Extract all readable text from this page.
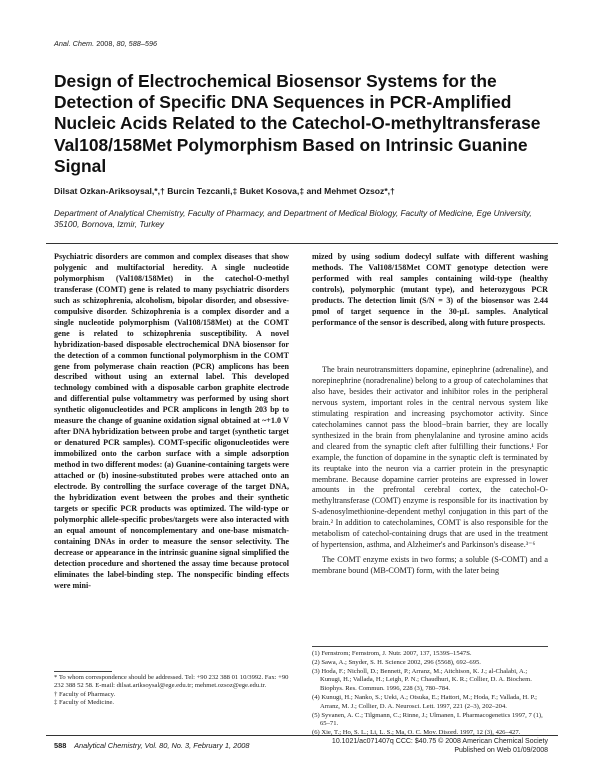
Anal. Chem. 2008, 80, 588–596
Design of Electrochemical Biosensor Systems for the Detection of Specific DNA Sequences in PCR-Amplified Nucleic Acids Related to the Catechol-O-methyltransferase Val108/158Met Polymorphism Based on Intrinsic Guanine Signal
Dilsat Ozkan-Ariksoysal,*,† Burcin Tezcanli,‡ Buket Kosova,‡ and Mehmet Ozsoz*,†
Department of Analytical Chemistry, Faculty of Pharmacy, and Department of Medical Biology, Faculty of Medicine, Ege University, 35100, Bornova, Izmir, Turkey
Psychiatric disorders are common and complex diseases that show polygenic and multifactorial heredity. A single nucleotide polymorphism (Val108/158Met) in the catechol-O-methyl transferase (COMT) gene is related to many psychiatric disorders such as schizophrenia, alcoholism, bipolar disorder, and obsessive-compulsive disorder. Schizophrenia is a complex disorder and a single nucleotide polymorphism (Val108/158Met) at the COMT gene is related to schizophrenia susceptibility. A novel hybridization-based disposable electrochemical DNA biosensor for the detection of a common functional polymorphism in the COMT gene from polymerase chain reaction (PCR) amplicons has been described without using an external label. This developed technology combined with a disposable carbon graphite electrode and differential pulse voltammetry was performed by using short synthetic oligonucleotides and PCR amplicons in length 203 bp to measure the change of guanine oxidation signal obtained at ~+1.0 V after DNA hybridization between probe and target (synthetic target or denatured PCR samples). COMT-specific oligonucleotides were immobilized onto the carbon surface with a simple adsorption method in two different modes: (a) Guanine-containing targets were attached or (b) inosine-substituted probes were attached onto an electrode. By controlling the surface coverage of the target DNA, the hybridization event between the probes and their synthetic targets or specific PCR products was optimized. The wild-type or polymorphic allele-specific probes/targets were also interacted with an equal amount of noncomplementary and one-base mismatch-containing DNAs in order to measure the sensor selectivity. The decrease or appearance in the intrinsic guanine signal simplified the detection procedure and shortened the assay time because protocol eliminates the label-binding step. The nonspecific binding effects were mini-
mized by using sodium dodecyl sulfate with different washing methods. The Val108/158Met COMT genotype detection were performed with real samples containing wild-type (healthy controls), polymorphic (mutant type), and heterozygous PCR products. The detection limit (S/N = 3) of the biosensor was 2.44 pmol of target sequence in the 30-μL samples. Analytical performance of the sensor is described, along with future prospects.

The brain neurotransmitters dopamine, epinephrine (adrenaline), and norepinephrine (noradrenaline) belong to a group of catecholamines that also have, besides their activator and inhibitor roles in the peripheral nervous system, important roles in the central nervous system like stimulating respiration and increasing psychomotor activity. Since catecholamines cannot pass the blood−brain barrier, they are locally synthesized in the brain from phenylalanine and tyrosine amino acids and cleared from the synaptic cleft after fulfilling their functions.¹ For example, the function of dopamine in the synaptic cleft is terminated by its reuptake into the neuron via a carrier protein in the presynaptic membrane. Because dopamine carrier proteins are expressed in lower amounts in the prefrontal cerebral cortex, the catechol-O-methyltransferase (COMT) enzyme is responsible for its inactivation by S-adenosylmethionine-dependent methyl conjugation in this part of the brain.² In addition to catecholamines, COMT is also responsible for the metabolism of catechol-containing drugs that are used in the treatment of hypertension, asthma, and Alzheimer's and Parkinson's disease.³⁻⁶

The COMT enzyme exists in two forms; a soluble (S-COMT) and a membrane bound (MB-COMT) form, with the later being

* To whom correspondence should be addressed. Tel: +90 232 388 01 10/3992. Fax: +90 232 388 52 58. E-mail: dilsat.ariksoysal@ege.edu.tr; mehmet.ozsoz@ege.edu.tr.
† Faculty of Pharmacy.
‡ Faculty of Medicine.
(1) Fernstrom; Fernstrom, J. Nutr. 2007, 137, 1539S–1547S.
(2) Sawa, A.; Snyder, S. H. Science 2002, 296 (5568), 692–695.
(3) Hoda, F.; Nicholl, D.; Bennett, P.; Arranz, M.; Aitchison, K. J.; al-Chalabi, A.; Kunugi, H.; Vallada, H.; Leigh, P. N.; Chaudhuri, K. R.; Collier, D. A. Biochem. Biophys. Res. Commun. 1996, 228 (3), 780–784.
(4) Kunugi, H.; Nanko, S.; Ueki, A.; Otsuka, E.; Hattori, M.; Hoda, F.; Vallada, H. P.; Arranz, M. J.; Collier, D. A. Neurosci. Lett. 1997, 221 (2–3), 202–204.
(5) Syvanen, A. C.; Tilgmann, C.; Rinne, J.; Ulmanen, I. Pharmacogenetics 1997, 7 (1), 65–71.
(6) Xie, T.; Ho, S. L.; Li, L. S.; Ma, O. C. Mov. Disord. 1997, 12 (3), 426–427.
588 Analytical Chemistry, Vol. 80, No. 3, February 1, 2008	10.1021/ac071407q CCC: $40.75 © 2008 American Chemical Society
Published on Web 01/09/2008
